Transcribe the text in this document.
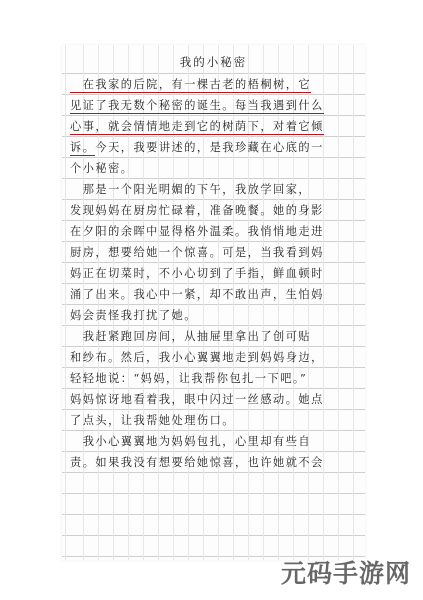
我的小秘密
　在我家的后院，有一棵古老的梧桐树，它
见证了我无数个秘密的诞生。每当我遇到什么
心事，就会情情地走到它的树荫下，对着它倾
诉。今天，我要讲述的，是我珍藏在心底的一
个小秘密。
　那是一个阳光明媚的下午，我放学回家，
发现妈妈在厨房忙碌着，准备晚餐。她的身影
在夕阳的余晖中显得格外温柔。我悄悄地走进
厨房，想要给她一个惊喜。可是，当我看到妈
妈正在切菜时，不小心切到了手指，鲜血顿时
涌了出来。我心中一紧，却不敢出声，生怕妈
妈会责怪我打扰了她。
　我赶紧跑回房间，从抽屉里拿出了创可贴
和纱布。然后，我小心翼翼地走到妈妈身边，
轻轻地说：“妈妈，让我帮你包扎一下吧。”
妈妈惊讶地看着我，眼中闪过一丝感动。她点
了点头，让我帮她处理伤口。
　我小心翼翼地为妈妈包扎，心里却有些自
责。如果我没有想要给她惊喜，也许她就不会
元码手游网
